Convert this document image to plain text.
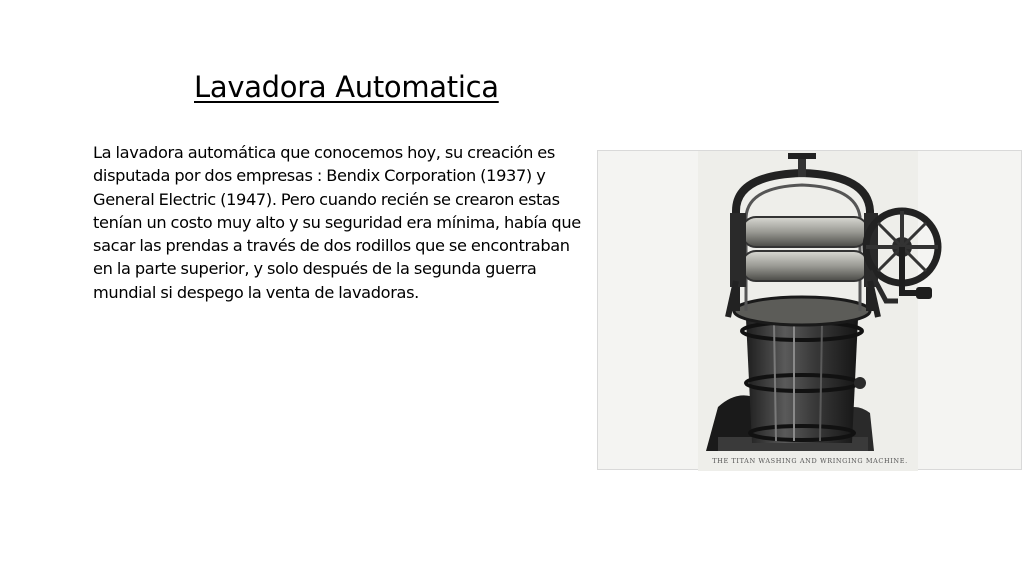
Lavadora Automatica
La lavadora automática que conocemos hoy, su creación es disputada por dos empresas : Bendix Corporation (1937) y General Electric (1947). Pero cuando recién se crearon estas tenían un costo muy alto y su seguridad era mínima, había que sacar las prendas a través de dos rodillos que se encontraban en la parte superior, y solo después de la segunda guerra mundial si despego la venta de lavadoras.
THE TITAN WASHING AND WRINGING MACHINE.
